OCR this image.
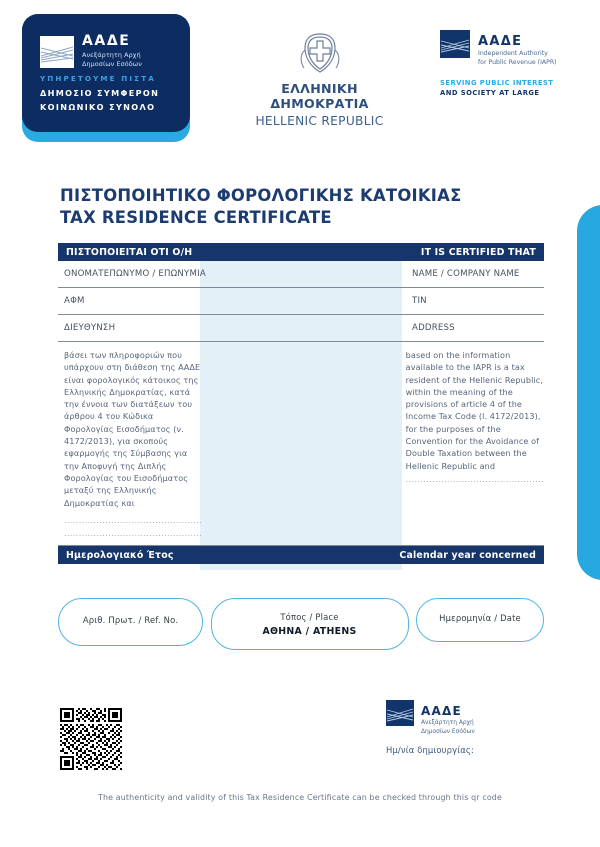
ΑΑΔΕ
Ανεξάρτητη Αρχή
Δημοσίων Εσόδων
ΥΠΗΡΕΤΟΥΜΕ ΠΙΣΤΑ
ΔΗΜΟΣΙΟ ΣΥΜΦΕΡΟΝ
ΚΟΙΝΩΝΙΚΟ ΣΥΝΟΛΟ
ΕΛΛΗΝΙΚΗ ΔΗΜΟΚΡΑΤΙΑ
HELLENIC REPUBLIC
ΑΑΔΕ
Independent Authority
for Public Revenue (IAPR)
SERVING PUBLIC INTEREST
AND SOCIETY AT LARGE
ΠΙΣΤΟΠΟΙΗΤΙΚΟ ΦΟΡΟΛΟΓΙΚΗΣ ΚΑΤΟΙΚΙΑΣ
TAX RESIDENCE CERTIFICATE
ΠΙΣΤΟΠΟΙΕΙΤΑΙ ΟΤΙ Ο/Η	IT IS CERTIFIED THAT
ΟΝΟΜΑΤΕΠΩΝΥΜΟ / ΕΠΩΝΥΜΙΑ	NAME / COMPANY NAME
ΑΦΜ	TIN
ΔΙΕΥΘΥΝΣΗ	ADDRESS
βάσει των πληροφοριών που υπάρχουν στη διάθεση της ΑΑΔΕ είναι φορολογικός κάτοικος της Ελληνικής Δημοκρατίας, κατά την έννοια των διατάξεων του άρθρου 4 του Κώδικα Φορολογίας Εισοδήματος (ν. 4172/2013), για σκοπούς εφαρμογής της Σύμβασης για την Αποφυγή της Διπλής Φορολογίας του Εισοδήματος μεταξύ της Ελληνικής Δημοκρατίας και
...............................................
...............................................
based on the information available to the IAPR is a tax resident of the Hellenic Republic, within the meaning of the provisions of article 4 of the Income Tax Code (l. 4172/2013), for the purposes of the Convention for the Avoidance of Double Taxation between the Hellenic Republic and
...............................................
Ημερολογιακό Έτος	Calendar year concerned
Αριθ. Πρωτ. / Ref. No.	Τόπος / Place
ΑΘΗΝΑ / ATHENS
Ημερομηνία / Date
ΑΑΔΕ
Ανεξάρτητη Αρχή
Δημοσίων Εσόδων
Ημ/νία δημιουργίας:
The authenticity and validity of this Tax Residence Certificate can be checked through this qr code
